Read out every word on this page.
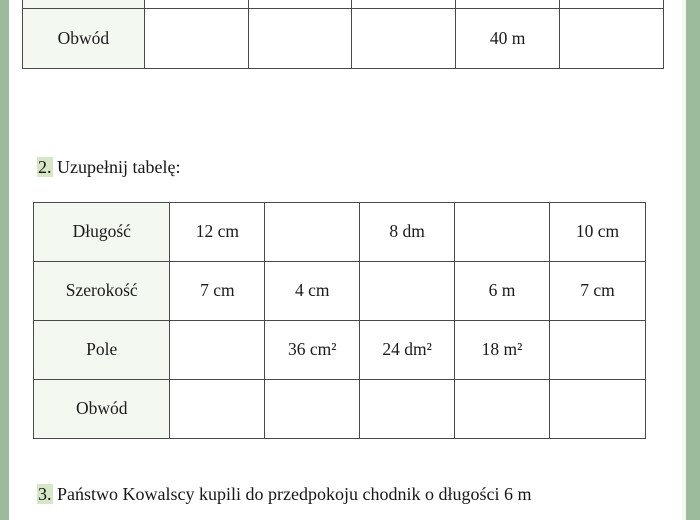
Obwód				40 m	
2. Uzupełnij tabelę:
Długość	12 cm		8 dm		10 cm
Szerokość	7 cm	4 cm		6 m	7 cm
Pole		36 cm²	24 dm²	18 m²	
Obwód					
3. Państwo Kowalscy kupili do przedpokoju chodnik o długości 6 m
